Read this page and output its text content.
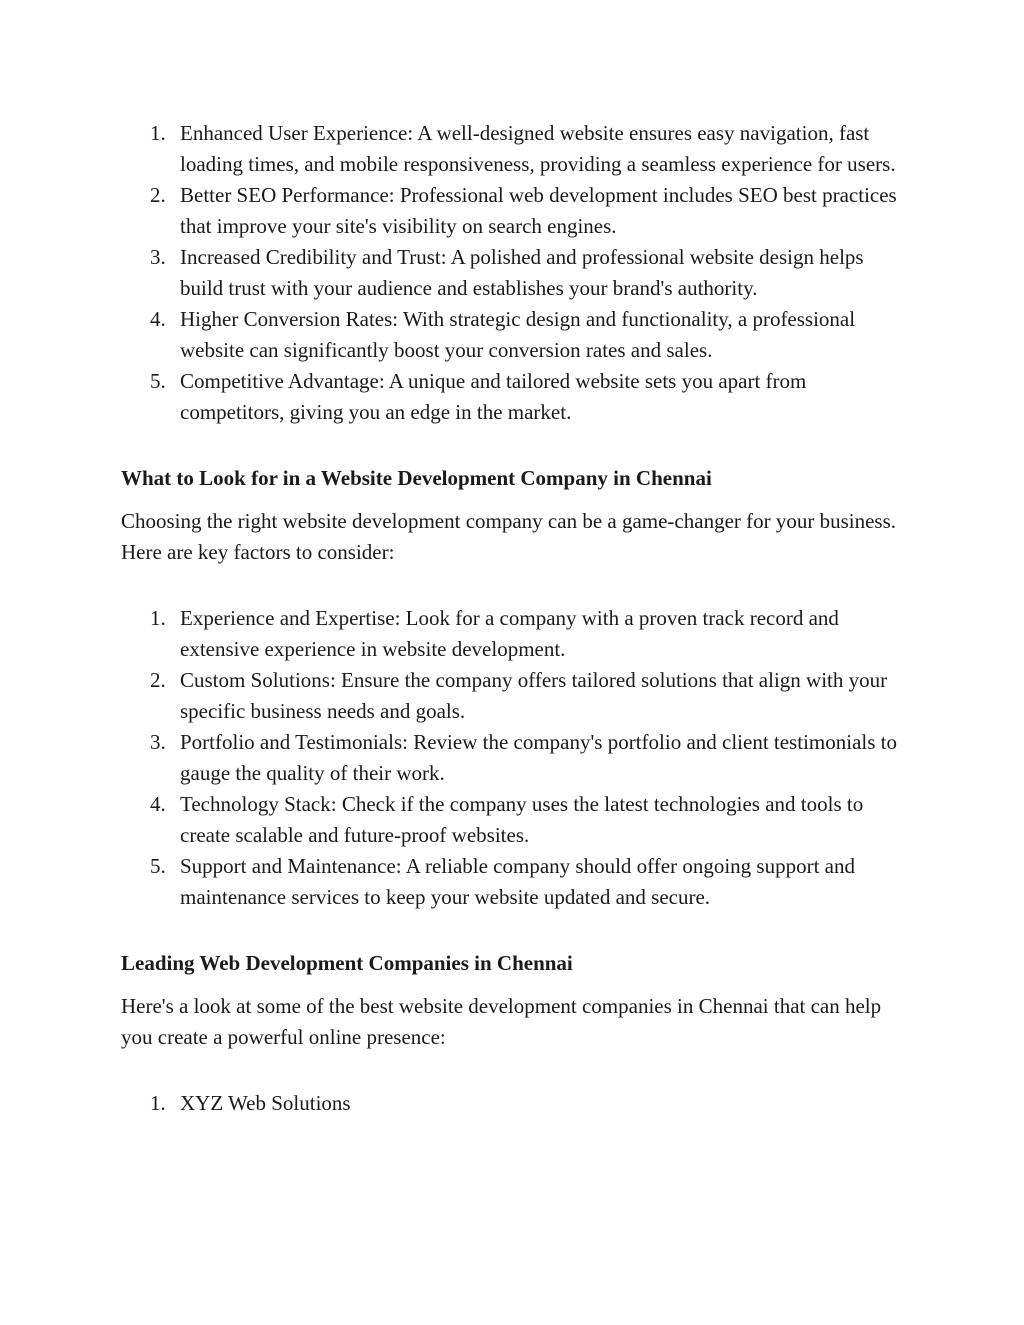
1. Enhanced User Experience: A well-designed website ensures easy navigation, fast loading times, and mobile responsiveness, providing a seamless experience for users.
2. Better SEO Performance: Professional web development includes SEO best practices that improve your site's visibility on search engines.
3. Increased Credibility and Trust: A polished and professional website design helps build trust with your audience and establishes your brand's authority.
4. Higher Conversion Rates: With strategic design and functionality, a professional website can significantly boost your conversion rates and sales.
5. Competitive Advantage: A unique and tailored website sets you apart from competitors, giving you an edge in the market.
What to Look for in a Website Development Company in Chennai

Choosing the right website development company can be a game-changer for your business. Here are key factors to consider:

1. Experience and Expertise: Look for a company with a proven track record and extensive experience in website development.
2. Custom Solutions: Ensure the company offers tailored solutions that align with your specific business needs and goals.
3. Portfolio and Testimonials: Review the company's portfolio and client testimonials to gauge the quality of their work.
4. Technology Stack: Check if the company uses the latest technologies and tools to create scalable and future-proof websites.
5. Support and Maintenance: A reliable company should offer ongoing support and maintenance services to keep your website updated and secure.
Leading Web Development Companies in Chennai

Here's a look at some of the best website development companies in Chennai that can help you create a powerful online presence:

1. XYZ Web Solutions
